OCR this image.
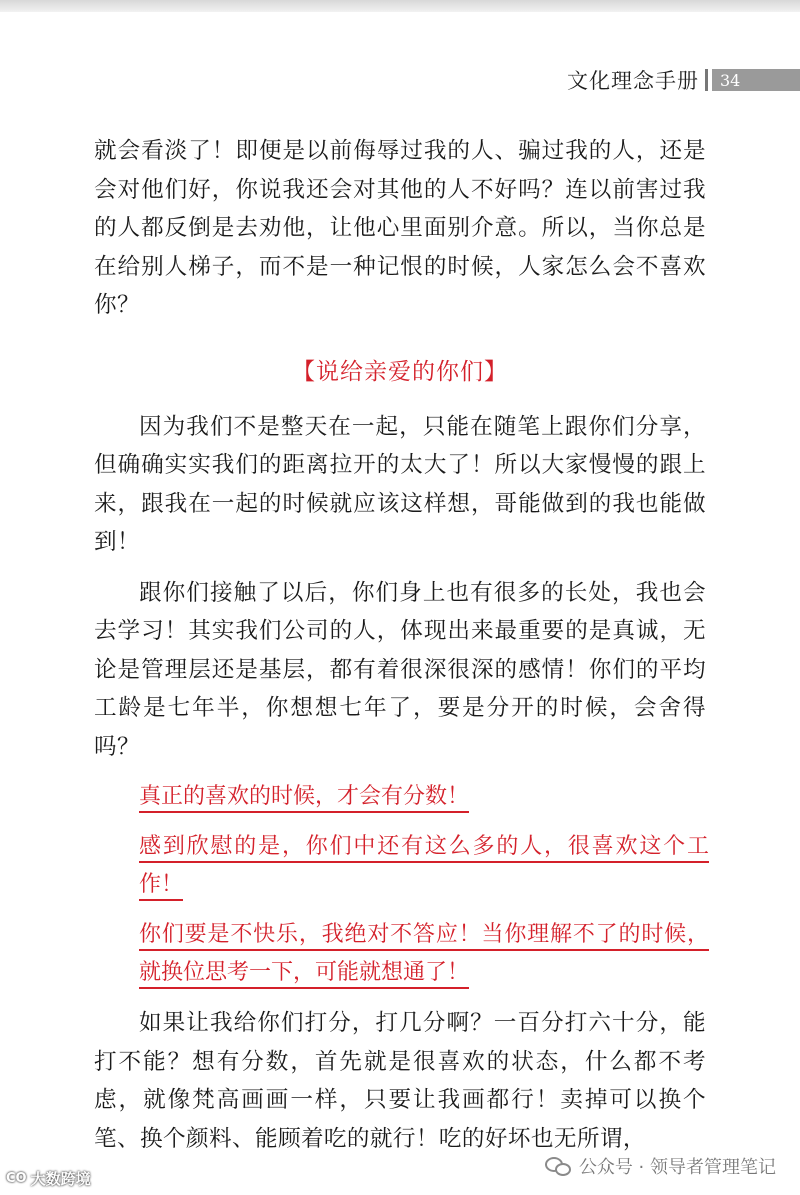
文化理念手册 34

就会看淡了！即便是以前侮辱过我的人、骗过我的人，还是会对他们好，你说我还会对其他的人不好吗？连以前害过我的人都反倒是去劝他，让他心里面别介意。所以，当你总是在给别人梯子，而不是一种记恨的时候，人家怎么会不喜欢你？

【说给亲爱的你们】

因为我们不是整天在一起，只能在随笔上跟你们分享，但确确实实我们的距离拉开的太大了！所以大家慢慢的跟上来，跟我在一起的时候就应该这样想，哥能做到的我也能做到！

跟你们接触了以后，你们身上也有很多的长处，我也会去学习！其实我们公司的人，体现出来最重要的是真诚，无论是管理层还是基层，都有着很深很深的感情！你们的平均工龄是七年半，你想想七年了，要是分开的时候，会舍得吗？

真正的喜欢的时候，才会有分数！

感到欣慰的是，你们中还有这么多的人，很喜欢这个工作！

你们要是不快乐，我绝对不答应！当你理解不了的时候，就换位思考一下，可能就想通了！

如果让我给你们打分，打几分啊？一百分打六十分，能打不能？想有分数，首先就是很喜欢的状态，什么都不考虑，就像梵高画画一样，只要让我画都行！卖掉可以换个笔、换个颜料、能顾着吃的就行！吃的好坏也无所谓，

公众号 · 领导者管理笔记
CO 大数跨境
